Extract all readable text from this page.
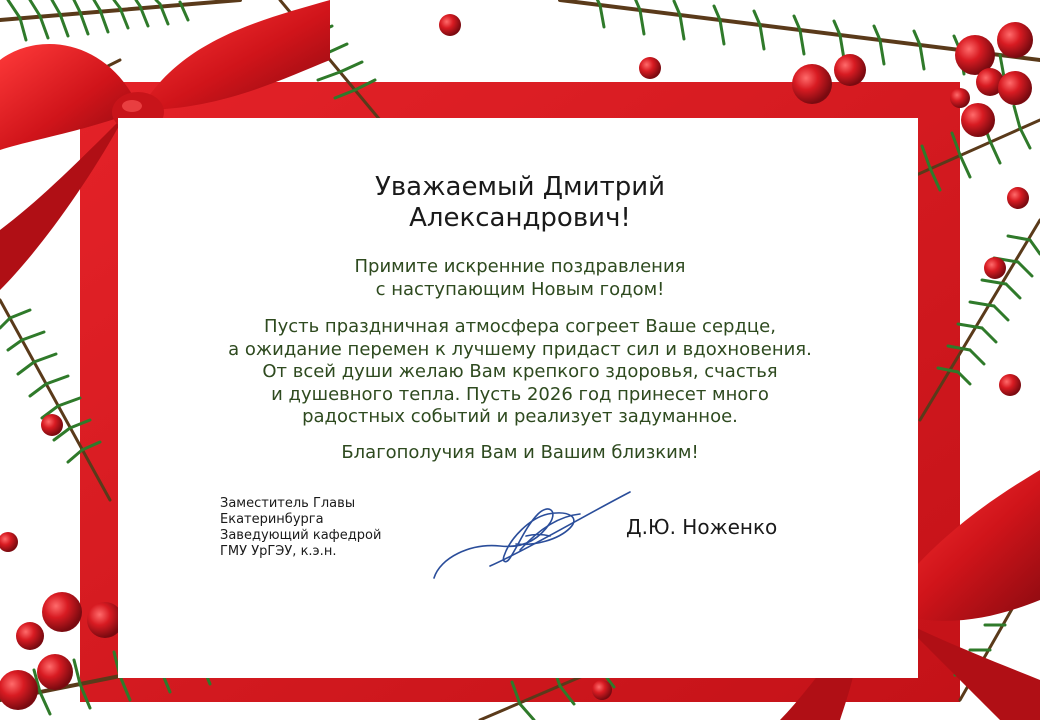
Уважаемый Дмитрий
Александрович!
Примите искренние поздравления
с наступающим Новым годом!
Пусть праздничная атмосфера согреет Ваше сердце,
а ожидание перемен к лучшему придаст сил и вдохновения.
От всей души желаю Вам крепкого здоровья, счастья
и душевного тепла. Пусть 2026 год принесет много
радостных событий и реализует задуманное.
Благополучия Вам и Вашим близким!
Заместитель Главы
Екатеринбурга
Заведующий кафедрой
ГМУ УрГЭУ, к.э.н.
Д.Ю. Ноженко
